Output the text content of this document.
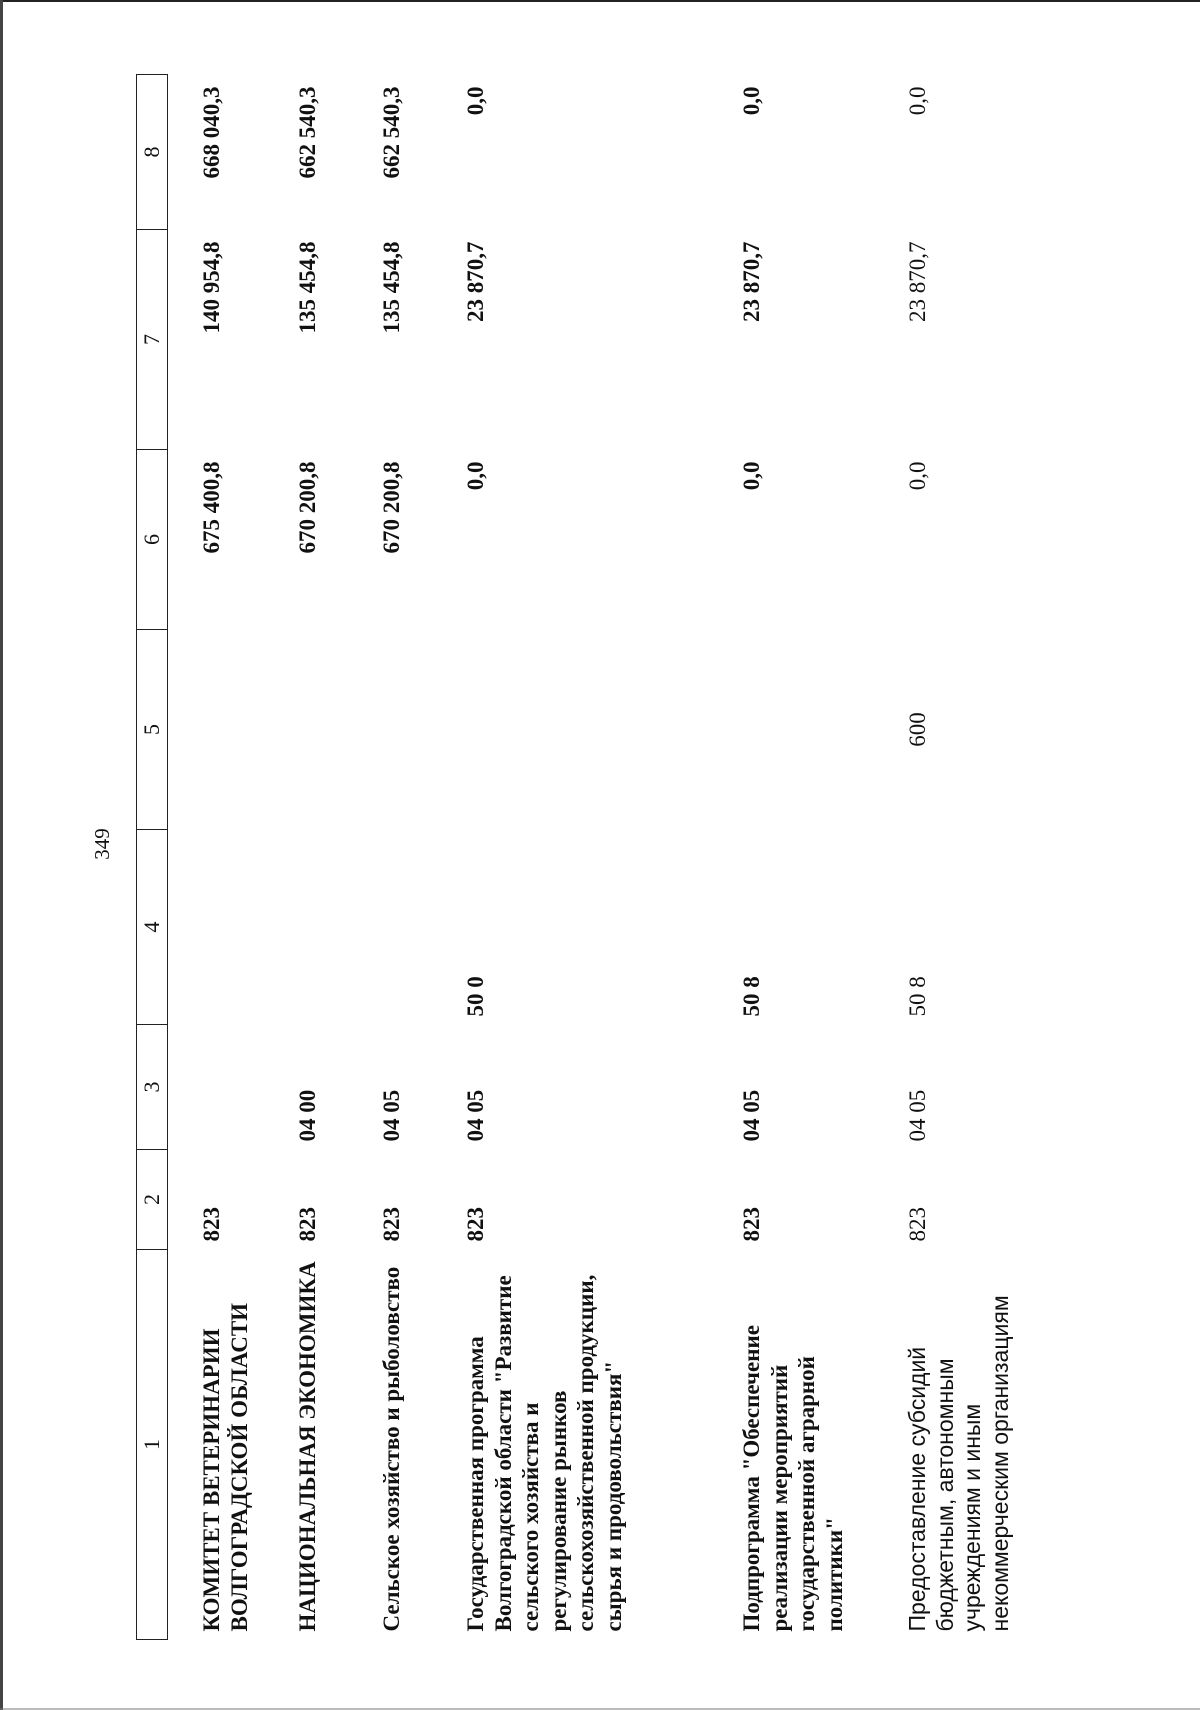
349
1	2	3	4	5	6	7	8
КОМИТЕТ ВЕТЕРИНАРИИ ВОЛГОГРАДСКОЙ ОБЛАСТИ	823				675 400,8	140 954,8	668 040,3
НАЦИОНАЛЬНАЯ ЭКОНОМИКА	823	04 00			670 200,8	135 454,8	662 540,3
Сельское хозяйство и рыболовство	823	04 05			670 200,8	135 454,8	662 540,3
Государственная программа Волгоградской области "Развитие сельского хозяйства и регулирование рынков сельскохозяйственной продукции, сырья и продовольствия"	823	04 05	50 0		0,0	23 870,7	0,0
Подпрограмма "Обеспечение реализации мероприятий государственной аграрной политики"	823	04 05	50 8		0,0	23 870,7	0,0
Предоставление субсидий бюджетным, автономным учреждениям и иным некоммерческим организациям	823	04 05	50 8	600	0,0	23 870,7	0,0
